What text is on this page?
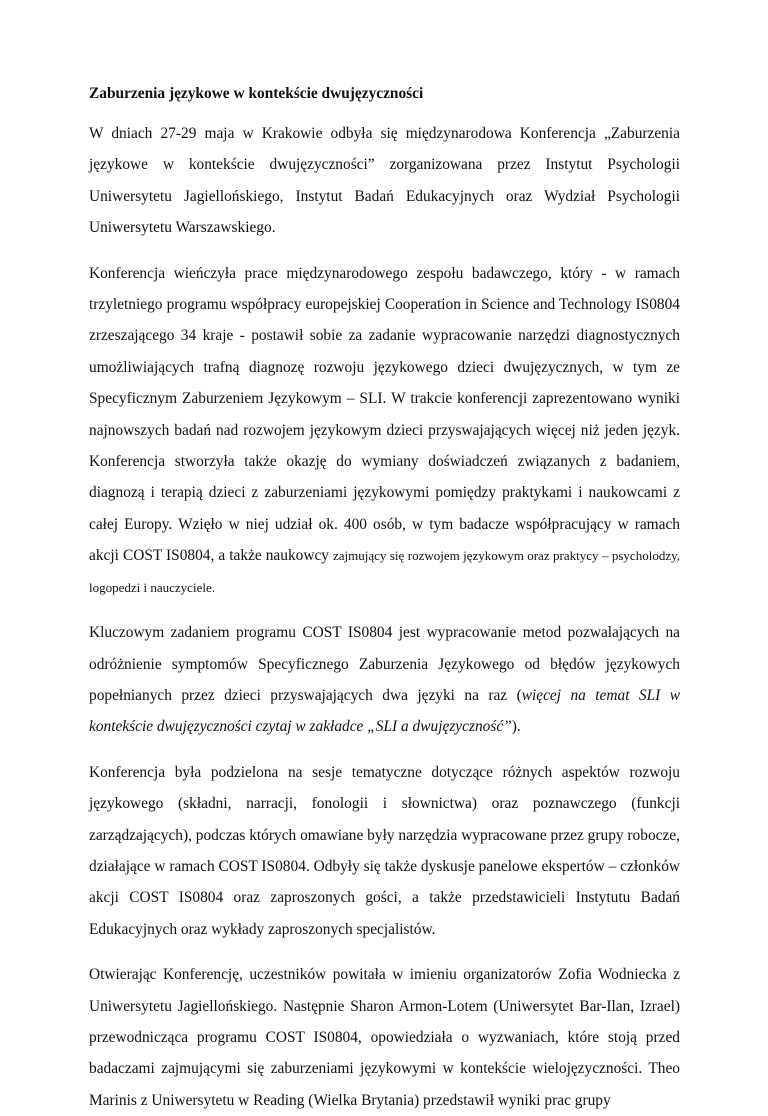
Zaburzenia językowe w kontekście dwujęzyczności

W dniach 27-29 maja w Krakowie odbyła się międzynarodowa Konferencja „Zaburzenia językowe w kontekście dwujęzyczności” zorganizowana przez Instytut Psychologii Uniwersytetu Jagiellońskiego, Instytut Badań Edukacyjnych oraz Wydział Psychologii Uniwersytetu Warszawskiego.

Konferencja wieńczyła prace międzynarodowego zespołu badawczego, który - w ramach trzyletniego programu współpracy europejskiej Cooperation in Science and Technology IS0804 zrzeszającego 34 kraje - postawił sobie za zadanie wypracowanie narzędzi diagnostycznych umożliwiających trafną diagnozę rozwoju językowego dzieci dwujęzycznych, w tym ze Specyficznym Zaburzeniem Językowym – SLI. W trakcie konferencji zaprezentowano wyniki najnowszych badań nad rozwojem językowym dzieci przyswajających więcej niż jeden język. Konferencja stworzyła także okazję do wymiany doświadczeń związanych z badaniem, diagnozą i terapią dzieci z zaburzeniami językowymi pomiędzy praktykami i naukowcami z całej Europy. Wzięło w niej udział ok. 400 osób, w tym badacze współpracujący w ramach akcji COST IS0804, a także naukowcy zajmujący się rozwojem językowym oraz praktycy – psycholodzy, logopedzi i nauczyciele.

Kluczowym zadaniem programu COST IS0804 jest wypracowanie metod pozwalających na odróżnienie symptomów Specyficznego Zaburzenia Językowego od błędów językowych popełnianych przez dzieci przyswajających dwa języki na raz (więcej na temat SLI w kontekście dwujęzyczności czytaj w zakładce „SLI a dwujęzyczność”).

Konferencja była podzielona na sesje tematyczne dotyczące różnych aspektów rozwoju językowego (składni, narracji, fonologii i słownictwa) oraz poznawczego (funkcji zarządzających), podczas których omawiane były narzędzia wypracowane przez grupy robocze, działające w ramach COST IS0804. Odbyły się także dyskusje panelowe ekspertów – członków akcji COST IS0804 oraz zaproszonych gości, a także przedstawicieli Instytutu Badań Edukacyjnych oraz wykłady zaproszonych specjalistów.

Otwierając Konferencję, uczestników powitała w imieniu organizatorów Zofia Wodniecka z Uniwersytetu Jagiellońskiego. Następnie Sharon Armon-Lotem (Uniwersytet Bar-Ilan, Izrael) przewodnicząca programu COST IS0804, opowiedziała o wyzwaniach, które stoją przed badaczami zajmującymi się zaburzeniami językowymi w kontekście wielojęzyczności. Theo Marinis z Uniwersytetu w Reading (Wielka Brytania) przedstawił wyniki prac grupy
